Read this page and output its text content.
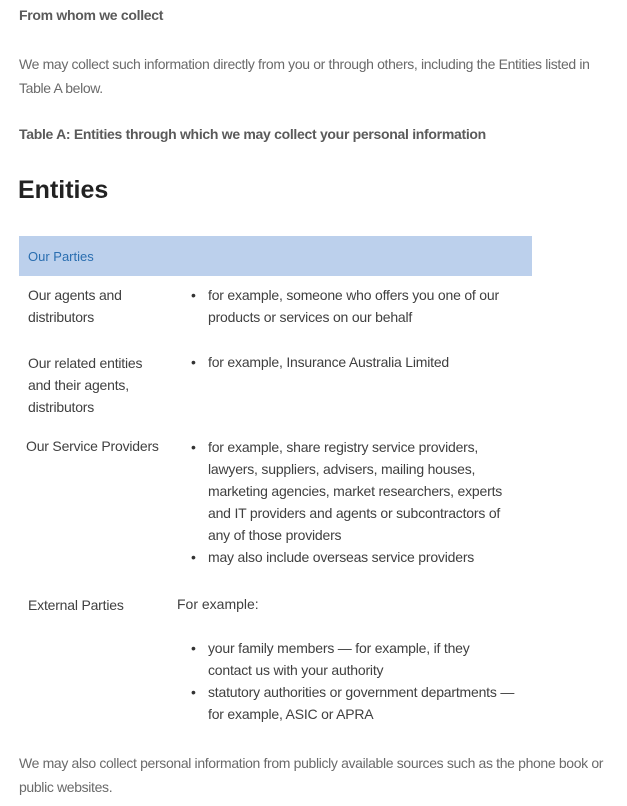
From whom we collect
We may collect such information directly from you or through others, including the Entities listed in Table A below.
Table A: Entities through which we may collect your personal information
Entities
Our Parties
Our agents and distributors
• for example, someone who offers you one of our products or services on our behalf
Our related entities and their agents, distributors
• for example, Insurance Australia Limited
Our Service Providers	• for example, share registry service providers, lawyers, suppliers, advisers, mailing houses, marketing agencies, market researchers, experts and IT providers and agents or subcontractors of any of those providers
• may also include overseas service providers
External Parties	For example:
• your family members — for example, if they contact us with your authority
• statutory authorities or government departments — for example, ASIC or APRA
We may also collect personal information from publicly available sources such as the phone book or public websites.
